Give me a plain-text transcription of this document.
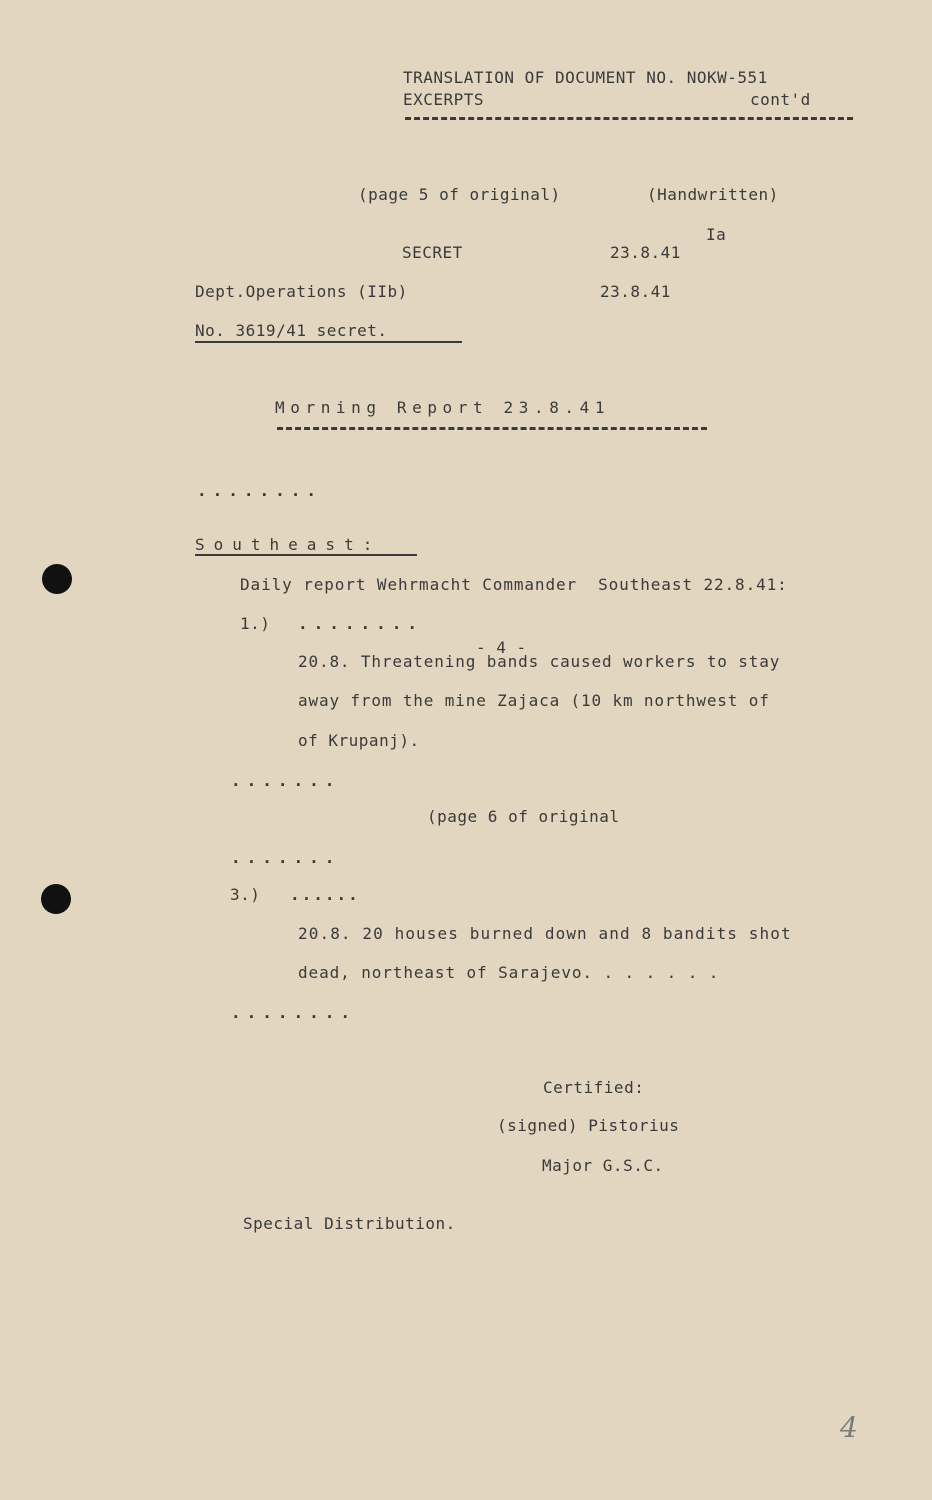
TRANSLATION OF DOCUMENT NO. NOKW-551
EXCERPTS	cont'd
(page 5 of original)	(Handwritten)
Ia
SECRET	23.8.41
Dept.Operations (IIb)	23.8.41
No. 3619/41 secret.
Morning Report 23.8.41
........
Southeast:
Daily report Wehrmacht Commander  Southeast 22.8.41:
1.) ........
20.8. Threatening bands caused workers to stay
away from the mine Zajaca (10 km northwest of
of Krupanj).
.......
(page 6 of original
.......
3.) ......
20.8. 20 houses burned down and 8 bandits shot
dead, northeast of Sarajevo. . . . . . .
........
Certified:
(signed) Pistorius
Major G.S.C.
Special Distribution.
- 4 -
4
